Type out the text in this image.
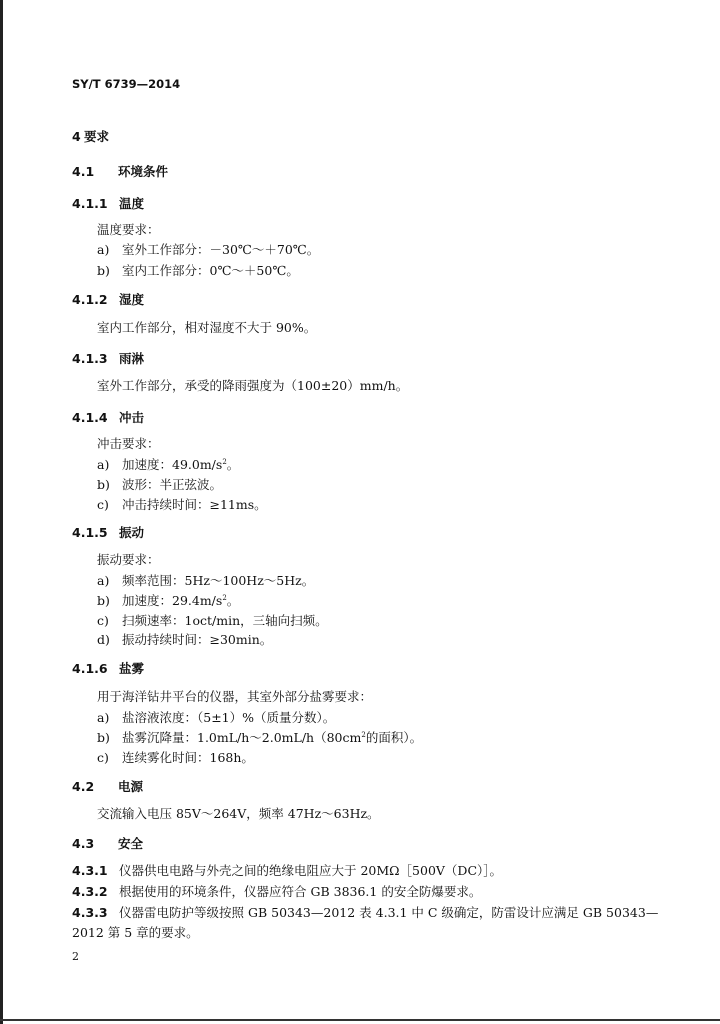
SY/T 6739—2014
4 要求
4.1 环境条件
4.1.1 温度
温度要求：
a) 室外工作部分：－30℃～＋70℃。
b) 室内工作部分：0℃～＋50℃。
4.1.2 湿度
室内工作部分，相对湿度不大于 90%。
4.1.3 雨淋
室外工作部分，承受的降雨强度为（100±20）mm/h。
4.1.4 冲击
冲击要求：
a) 加速度：$49.0m/s^2$。
b) 波形：半正弦波。
c) 冲击持续时间：≥11ms。
4.1.5 振动
振动要求：
a) 频率范围：5Hz～100Hz～5Hz。
b) 加速度：$29.4m/s^2$。
c) 扫频速率：1oct/min，三轴向扫频。
d) 振动持续时间：≥30min。
4.1.6 盐雾
用于海洋钻井平台的仪器，其室外部分盐雾要求：
a) 盐溶液浓度：（5±1）%（质量分数）。
b) 盐雾沉降量：$1.0mL/h\sim 2.0mL/h(80cm^2$的面积）。
c) 连续雾化时间：168h。
4.2 电源
交流输入电压 85V～264V，频率 47Hz～63Hz。
4.3 安全
4.3.1 仪器供电电路与外壳之间的绝缘电阻应大于 20MΩ［500V（DC）］。
4.3.2 根据使用的环境条件，仪器应符合 GB 3836.1 的安全防爆要求。
4.3.3 仪器雷电防护等级按照 GB 50343—2012 表 4.3.1 中 C 级确定，防雷设计应满足 GB 50343—
2012 第 5 章的要求。
2
